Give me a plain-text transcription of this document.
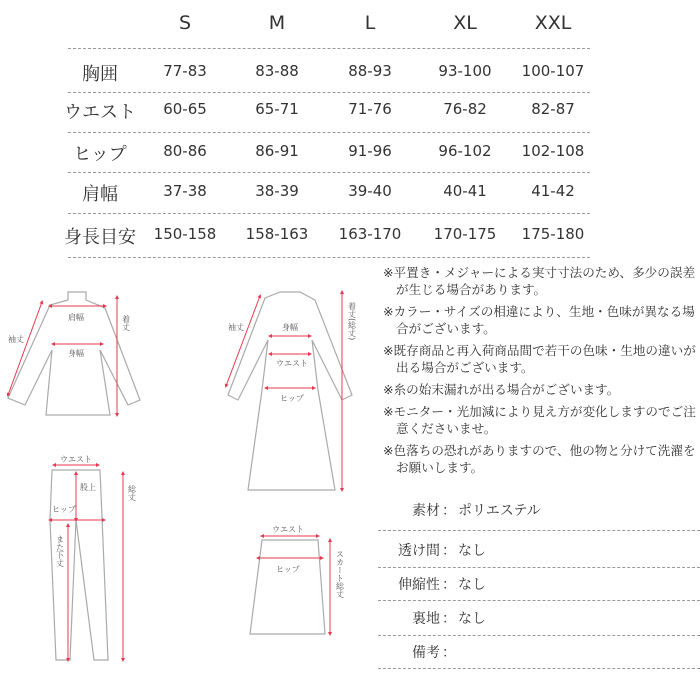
S	M	L	XL	XXL
胸囲	77-83	83-88	88-93	93-100 100-107
ウエスト 60-65	65-71	71-76	76-82	82-87
ヒップ 80-86	86-91	91-96	96-102 102-108
肩幅	37-38	38-39	39-40	40-41	41-42
身長目安 150-158 158-163 163-170 170-175 175-180
肩幅
身幅
袖丈
着丈	身幅
ウエスト
ヒップ
袖丈	着丈(総丈)
ウエスト
股上
ヒップ
また下丈
総丈
ウエスト
ヒップ	スカート総丈
※平置き・メジャーによる実寸寸法のため、多少の誤差が生じる場合があります。
※カラー・サイズの相違により、生地・色味が異なる場合がございます。
※既存商品と再入荷商品間で若干の色味・生地の違いが出る場合がございます。
※糸の始末漏れが出る場合がございます。
※モニター・光加減により見え方が変化しますのでご注意くださいませ。
※色落ちの恐れがありますので、他の物と分けて洗濯をお願いします。
素材 ： ポリエステル
透け間 ： なし
伸縮性 ： なし
裏地 ： なし
備考 ：
